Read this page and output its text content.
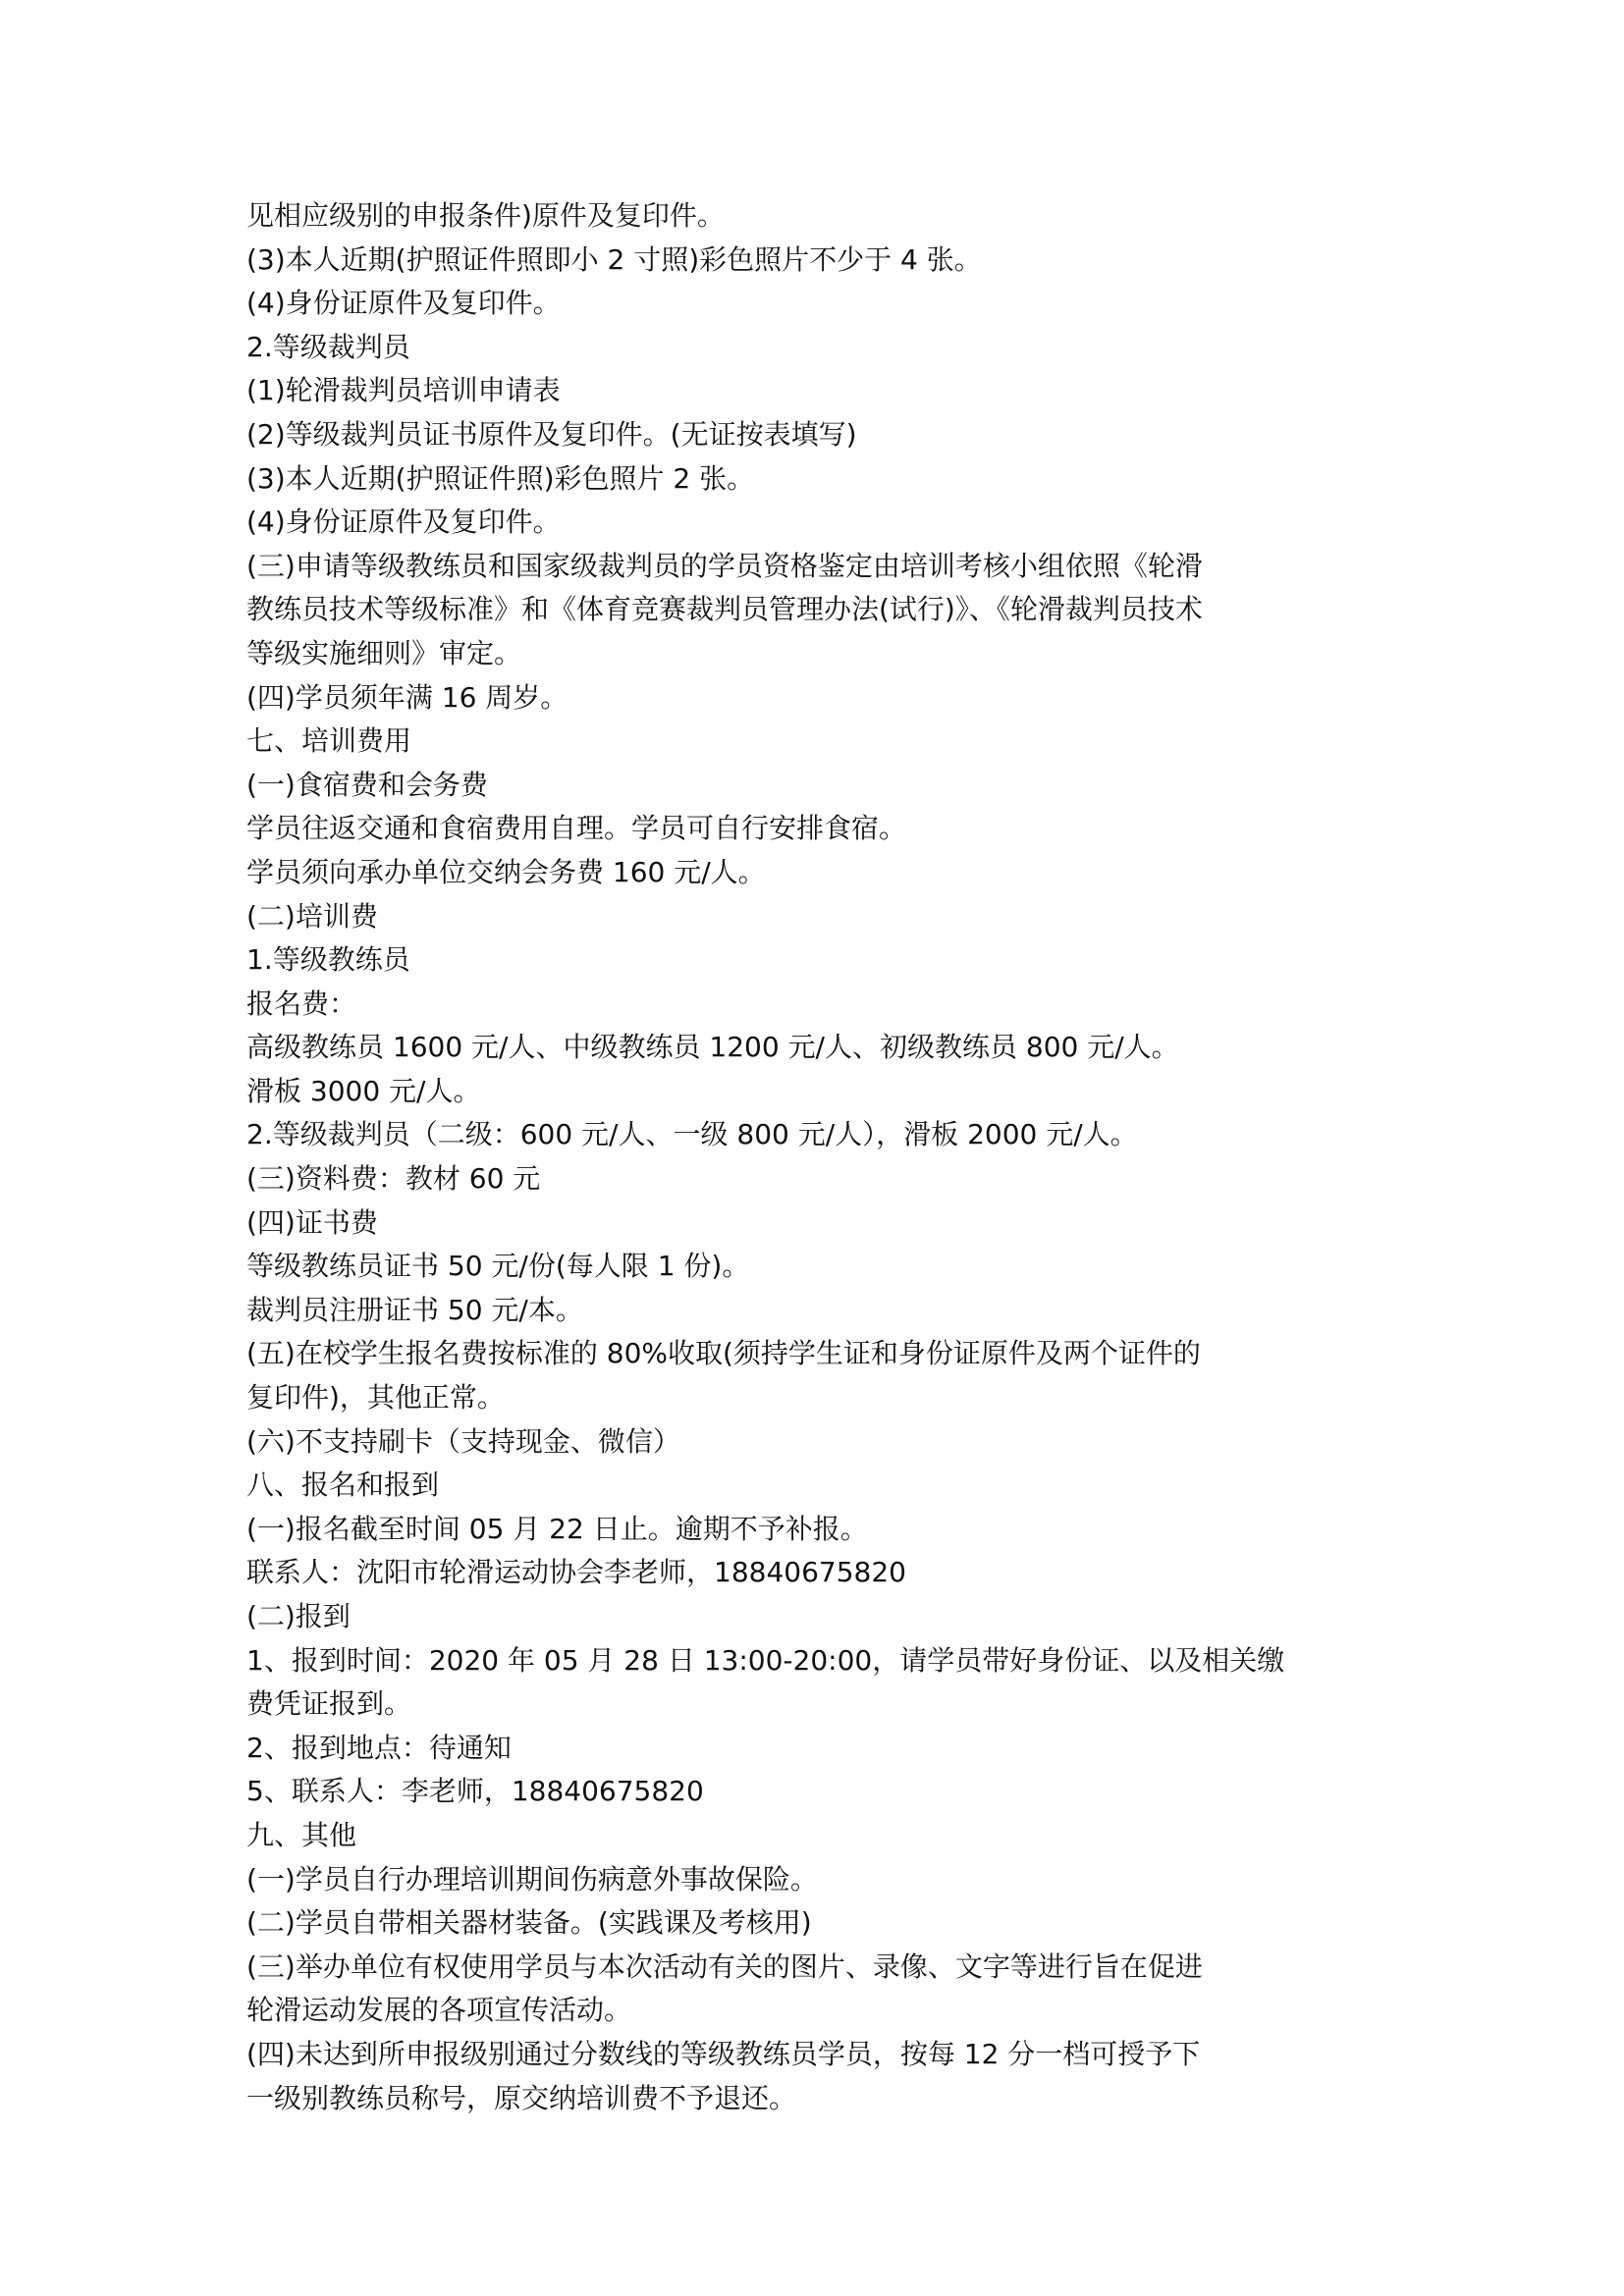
见相应级别的申报条件)原件及复印件。
(3)本人近期(护照证件照即小 2 寸照)彩色照片不少于 4 张。
(4)身份证原件及复印件。
2.等级裁判员
(1)轮滑裁判员培训申请表
(2)等级裁判员证书原件及复印件。(无证按表填写)
(3)本人近期(护照证件照)彩色照片 2 张。
(4)身份证原件及复印件。
(三)申请等级教练员和国家级裁判员的学员资格鉴定由培训考核小组依照《轮滑
教练员技术等级标准》和《体育竞赛裁判员管理办法(试行)》、《轮滑裁判员技术
等级实施细则》审定。
(四)学员须年满 16 周岁。
七、培训费用
(一)食宿费和会务费
学员往返交通和食宿费用自理。学员可自行安排食宿。
学员须向承办单位交纳会务费 160 元/人。
(二)培训费
1.等级教练员
报名费：
高级教练员 1600 元/人、中级教练员 1200 元/人、初级教练员 800 元/人。
滑板 3000 元/人。
2.等级裁判员（二级：600 元/人、一级 800 元/人），滑板 2000 元/人。
(三)资料费：教材 60 元
(四)证书费
等级教练员证书 50 元/份(每人限 1 份)。
裁判员注册证书 50 元/本。
(五)在校学生报名费按标准的 80%收取(须持学生证和身份证原件及两个证件的
复印件)，其他正常。
(六)不支持刷卡（支持现金、微信）
八、报名和报到
(一)报名截至时间 05 月 22 日止。逾期不予补报。
联系人：沈阳市轮滑运动协会李老师，18840675820
(二)报到
1、报到时间：2020 年 05 月 28 日 13:00-20:00，请学员带好身份证、以及相关缴
费凭证报到。
2、报到地点：待通知
5、联系人：李老师，18840675820
九、其他
(一)学员自行办理培训期间伤病意外事故保险。
(二)学员自带相关器材装备。(实践课及考核用)
(三)举办单位有权使用学员与本次活动有关的图片、录像、文字等进行旨在促进
轮滑运动发展的各项宣传活动。
(四)未达到所申报级别通过分数线的等级教练员学员，按每 12 分一档可授予下
一级别教练员称号，原交纳培训费不予退还。
